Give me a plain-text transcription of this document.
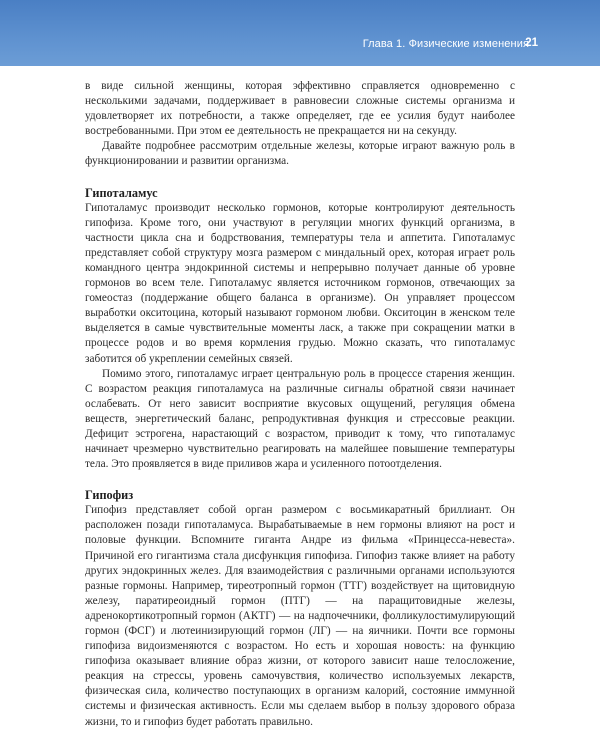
Глава 1. Физические изменения
21

в виде сильной женщины, которая эффективно справляется одновременно с несколькими задачами, поддерживает в равновесии сложные системы организма и удовлетворяет их потребности, а также определяет, где ее усилия будут наиболее востребованными. При этом ее деятельность не прекращается ни на секунду.

Давайте подробнее рассмотрим отдельные железы, которые играют важную роль в функционировании и развитии организма.

Гипоталамус

Гипоталамус производит несколько гормонов, которые контролируют деятельность гипофиза. Кроме того, они участвуют в регуляции многих функций организма, в частности цикла сна и бодрствования, температуры тела и аппетита. Гипоталамус представляет собой структуру мозга размером с миндальный орех, которая играет роль командного центра эндокринной системы и непрерывно получает данные об уровне гормонов во всем теле. Гипоталамус является источником гормонов, отвечающих за гомеостаз (поддержание общего баланса в организме). Он управляет процессом выработки окситоцина, который называют гормоном любви. Окситоцин в женском теле выделяется в самые чувствительные моменты ласк, а также при сокращении матки в процессе родов и во время кормления грудью. Можно сказать, что гипоталамус заботится об укреплении семейных связей.

Помимо этого, гипоталамус играет центральную роль в процессе старения женщин. С возрастом реакция гипоталамуса на различные сигналы обратной связи начинает ослабевать. От него зависит восприятие вкусовых ощущений, регуляция обмена веществ, энергетический баланс, репродуктивная функция и стрессовые реакции. Дефицит эстрогена, нарастающий с возрастом, приводит к тому, что гипоталамус начинает чрезмерно чувствительно реагировать на малейшее повышение температуры тела. Это проявляется в виде приливов жара и усиленного потоотделения.

Гипофиз

Гипофиз представляет собой орган размером с восьмикаратный бриллиант. Он расположен позади гипоталамуса. Вырабатываемые в нем гормоны влияют на рост и половые функции. Вспомните гиганта Андре из фильма «Принцесса-невеста». Причиной его гигантизма стала дисфункция гипофиза. Гипофиз также влияет на работу других эндокринных желез. Для взаимодействия с различными органами используются разные гормоны. Например, тиреотропный гормон (ТТГ) воздействует на щитовидную железу, паратиреоидный гормон (ПТГ) — на паращитовидные железы, адренокортикотропный гормон (АКТГ) — на надпочечники, фолликулостимулирующий гормон (ФСГ) и лютеинизирующий гормон (ЛГ) — на яичники. Почти все гормоны гипофиза видоизменяются с возрастом. Но есть и хорошая новость: на функцию гипофиза оказывает влияние образ жизни, от которого зависит наше телосложение, реакция на стрессы, уровень самочувствия, количество используемых лекарств, физическая сила, количество поступающих в организм калорий, состояние иммунной системы и физическая активность. Если мы сделаем выбор в пользу здорового образа жизни, то и гипофиз будет работать правильно.
